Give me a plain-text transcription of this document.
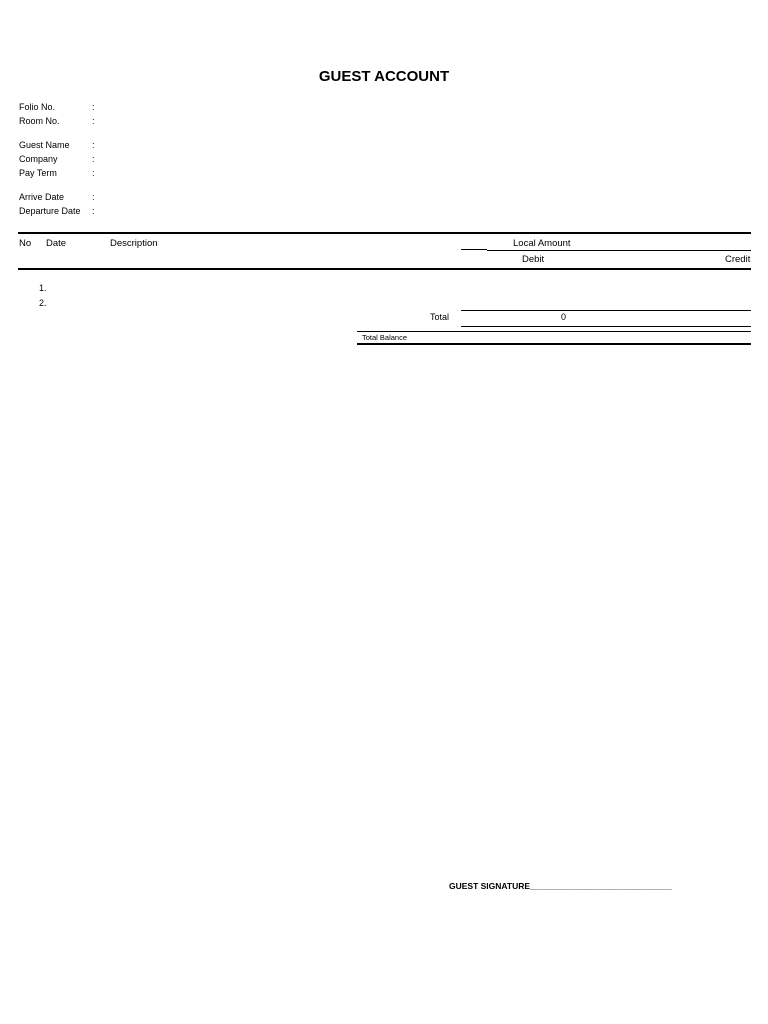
GUEST ACCOUNT
Folio No.	:
Room No.	:
Guest Name :
Company	:
Pay Term	:
Arrive Date	:
Departure Date :
No Date	Description	Local Amount
Debit	Credit
1.
2.
Total	0
Total Balance
GUEST SIGNATURE______________________________
